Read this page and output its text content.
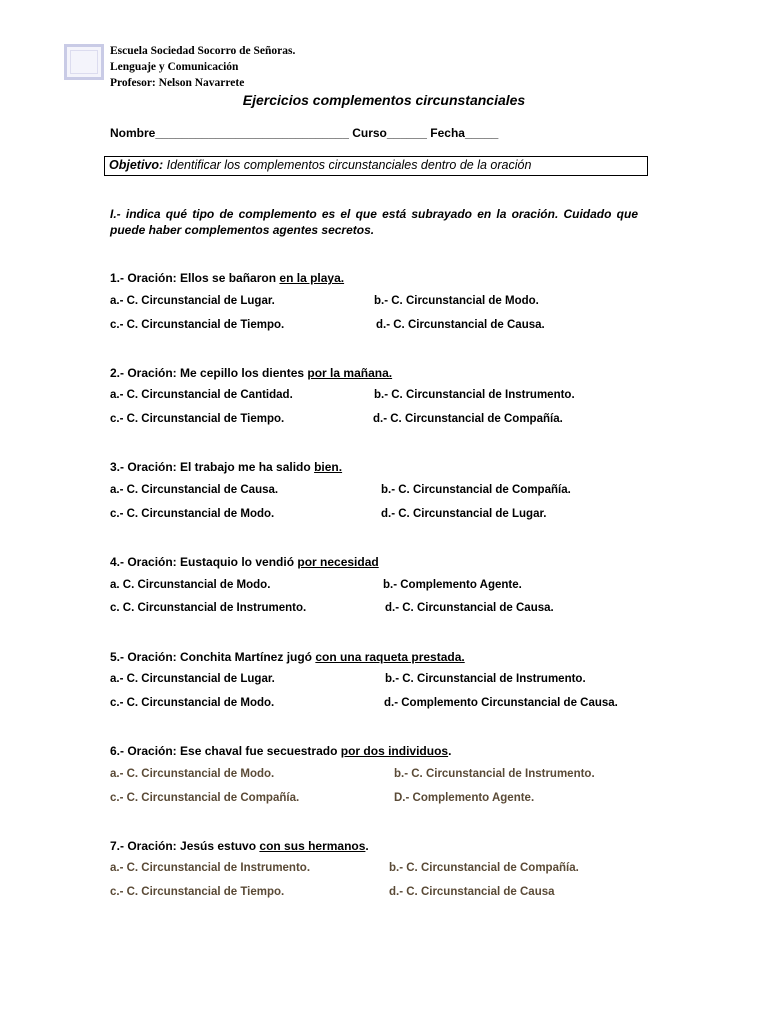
Escuela Sociedad Socorro de Señoras.
Lenguaje y Comunicación
Profesor: Nelson Navarrete
Ejercicios complementos circunstanciales
Nombre_____________________________ Curso______ Fecha_____
Objetivo: Identificar los complementos circunstanciales dentro de la oración
I.- indica qué tipo de complemento es el que está subrayado en la oración. Cuidado que puede haber complementos agentes secretos.
1.- Oración: Ellos se bañaron en la playa.
a.- C. Circunstancial de Lugar.	b.- C. Circunstancial de Modo.
c.- C. Circunstancial de Tiempo.	d.- C. Circunstancial de Causa.
2.- Oración: Me cepillo los dientes por la mañana.
a.- C. Circunstancial de Cantidad.	b.- C. Circunstancial de Instrumento.
c.- C. Circunstancial de Tiempo.	d.- C. Circunstancial de Compañía.
3.- Oración: El trabajo me ha salido bien.
a.- C. Circunstancial de Causa.	b.- C. Circunstancial de Compañía.
c.- C. Circunstancial de Modo.	d.- C. Circunstancial de Lugar.
4.- Oración: Eustaquio lo vendió por necesidad
a. C. Circunstancial de Modo.	b.- Complemento Agente.
c. C. Circunstancial de Instrumento.	d.- C. Circunstancial de Causa.
5.- Oración: Conchita Martínez jugó con una raqueta prestada.
a.- C. Circunstancial de Lugar.	b.- C. Circunstancial de Instrumento.
c.- C. Circunstancial de Modo.	d.- Complemento Circunstancial de Causa.
6.- Oración: Ese chaval fue secuestrado por dos individuos.
a.- C. Circunstancial de Modo.	b.- C. Circunstancial de Instrumento.
c.- C. Circunstancial de Compañía.	D.- Complemento Agente.
7.- Oración: Jesús estuvo con sus hermanos.
a.- C. Circunstancial de Instrumento.	b.- C. Circunstancial de Compañía.
c.- C. Circunstancial de Tiempo.	d.- C. Circunstancial de Causa
